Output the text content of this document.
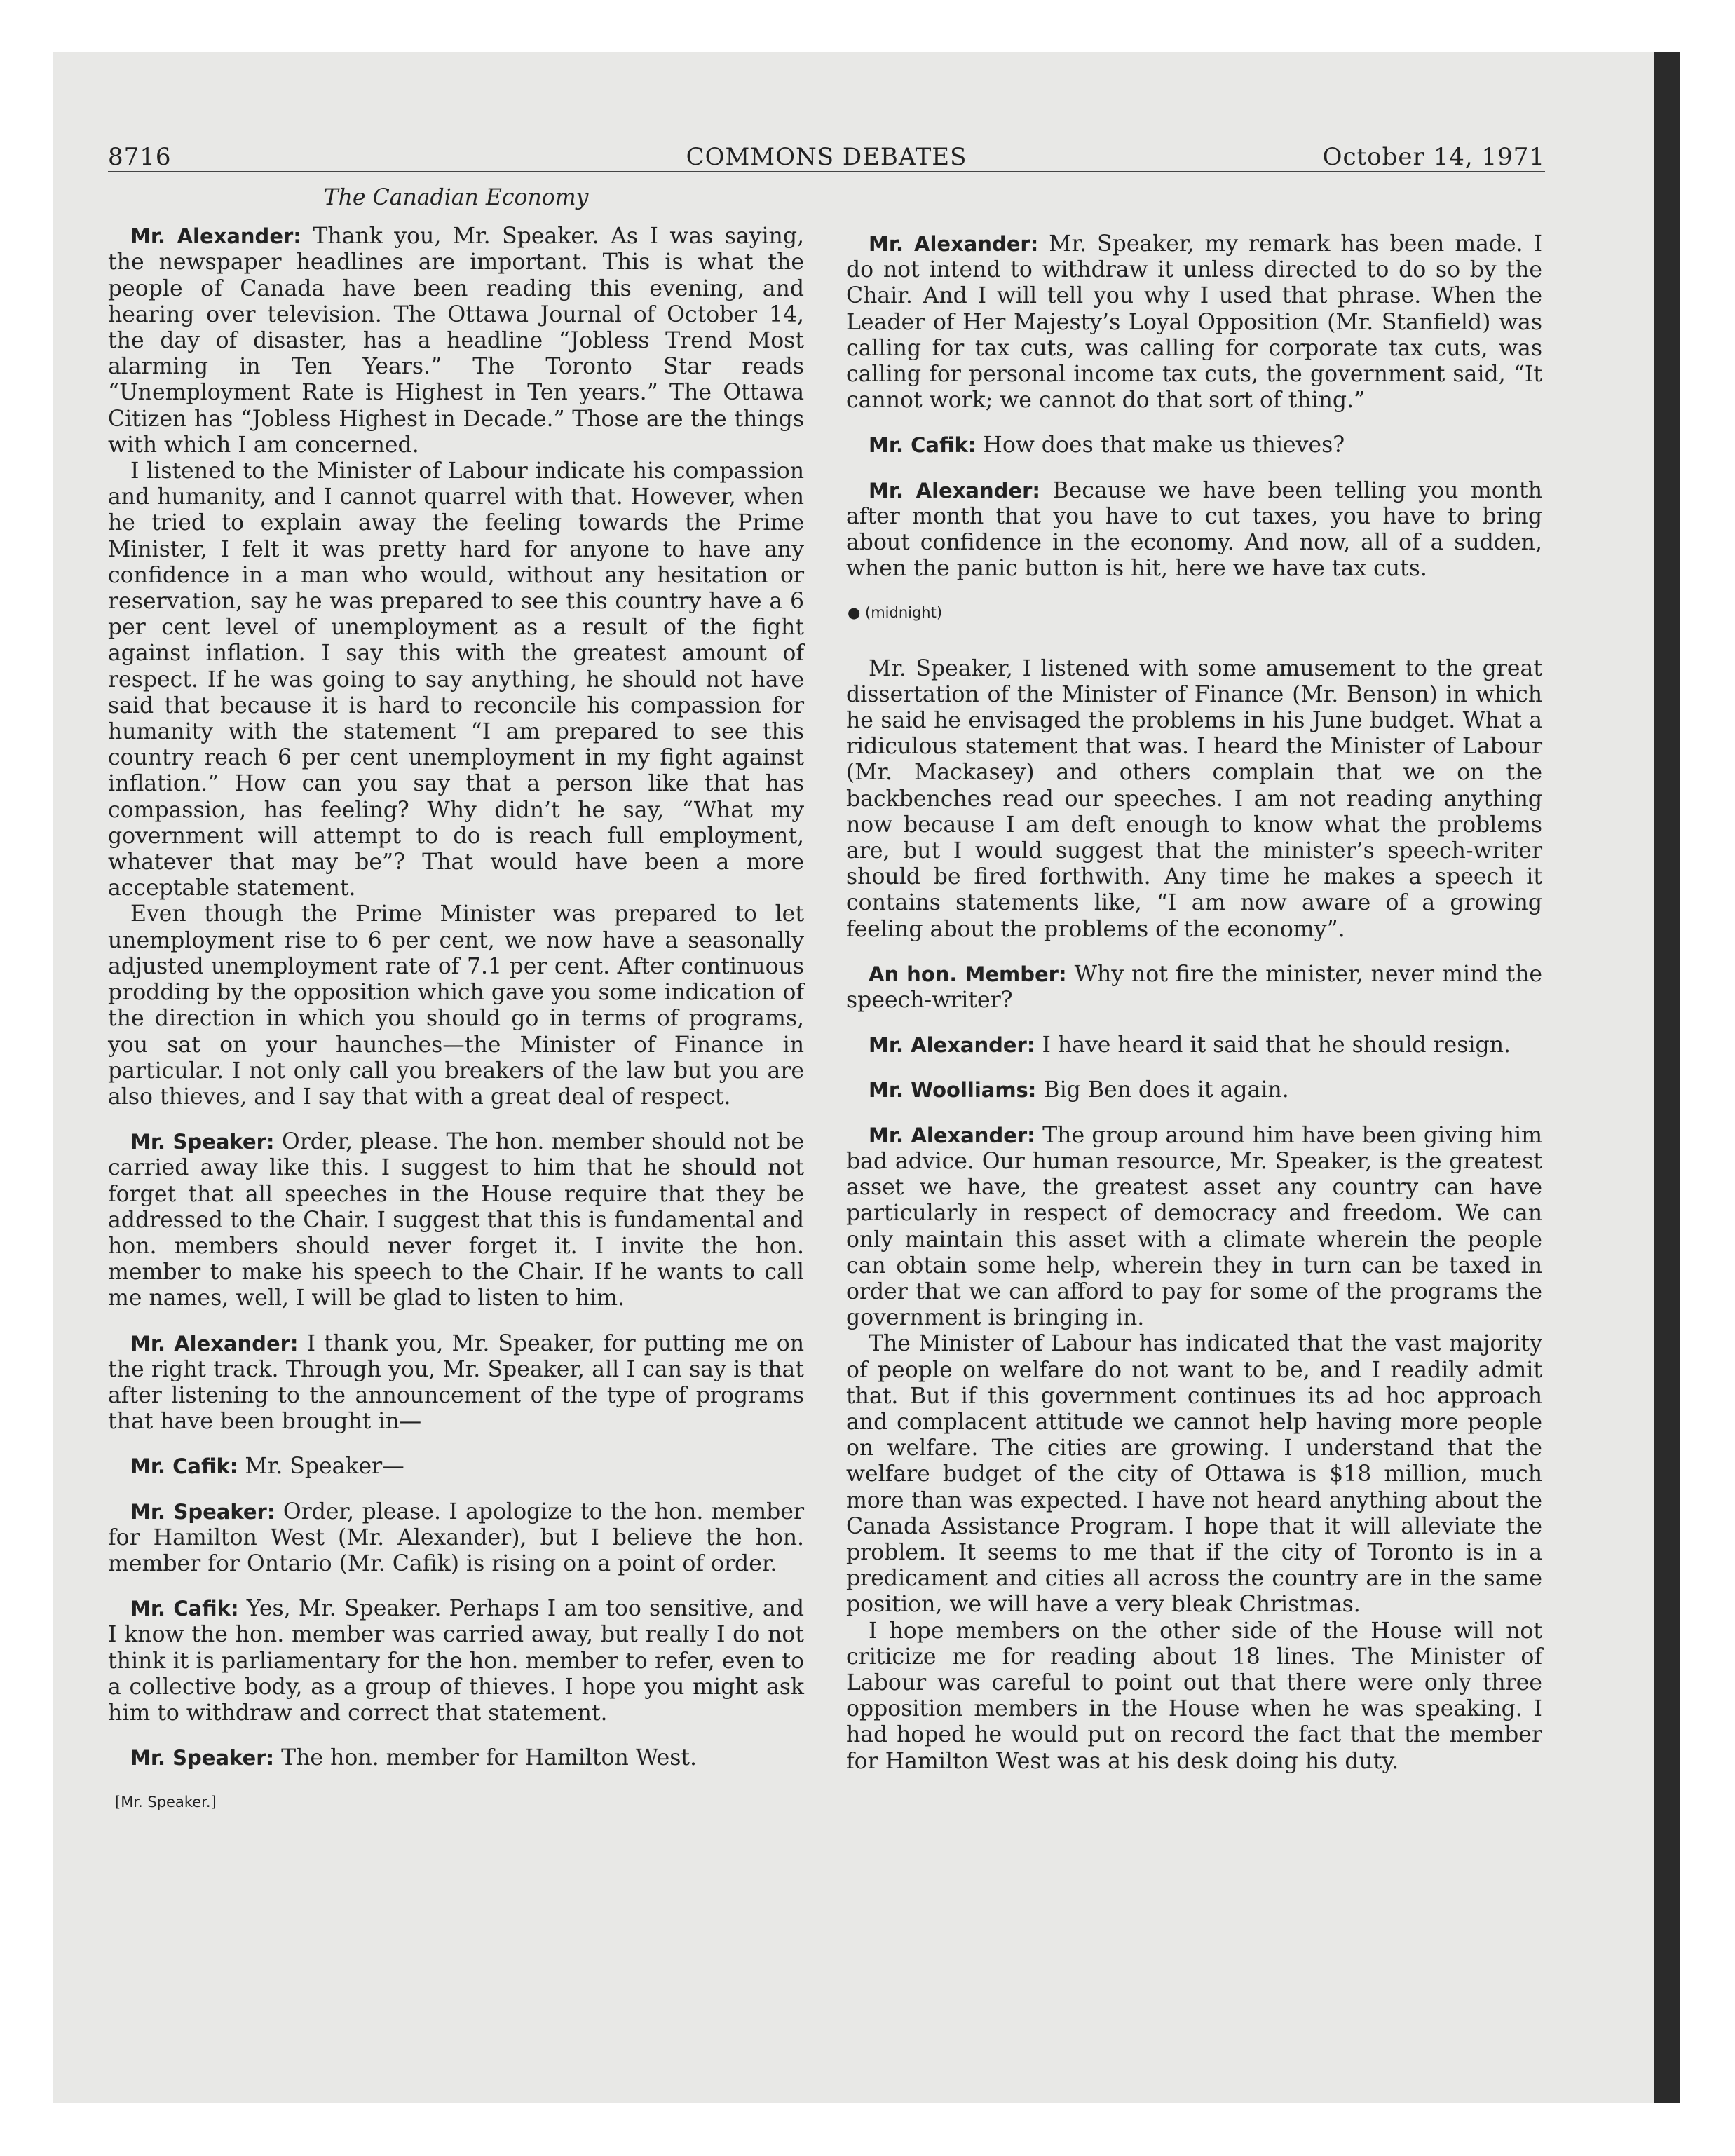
8716	COMMONS DEBATES	October 14, 1971
The Canadian Economy

Mr. Alexander: Thank you, Mr. Speaker. As I was saying, the newspaper headlines are important. This is what the people of Canada have been reading this evening, and hearing over television. The Ottawa Journal of October 14, the day of disaster, has a headline “Jobless Trend Most alarming in Ten Years.” The Toronto Star reads “Unemployment Rate is Highest in Ten years.” The Ottawa Citizen has “Jobless Highest in Decade.” Those are the things with which I am concerned.

I listened to the Minister of Labour indicate his compassion and humanity, and I cannot quarrel with that. However, when he tried to explain away the feeling towards the Prime Minister, I felt it was pretty hard for anyone to have any confidence in a man who would, without any hesitation or reservation, say he was prepared to see this country have a 6 per cent level of unemployment as a result of the fight against inflation. I say this with the greatest amount of respect. If he was going to say anything, he should not have said that because it is hard to reconcile his compassion for humanity with the statement “I am prepared to see this country reach 6 per cent unemployment in my fight against inflation.” How can you say that a person like that has compassion, has feeling? Why didn’t he say, “What my government will attempt to do is reach full employment, whatever that may be”? That would have been a more acceptable statement.

Even though the Prime Minister was prepared to let unemployment rise to 6 per cent, we now have a seasonally adjusted unemployment rate of 7.1 per cent. After continuous prodding by the opposition which gave you some indication of the direction in which you should go in terms of programs, you sat on your haunches—the Minister of Finance in particular. I not only call you breakers of the law but you are also thieves, and I say that with a great deal of respect.

Mr. Speaker: Order, please. The hon. member should not be carried away like this. I suggest to him that he should not forget that all speeches in the House require that they be addressed to the Chair. I suggest that this is fundamental and hon. members should never forget it. I invite the hon. member to make his speech to the Chair. If he wants to call me names, well, I will be glad to listen to him.

Mr. Alexander: I thank you, Mr. Speaker, for putting me on the right track. Through you, Mr. Speaker, all I can say is that after listening to the announcement of the type of programs that have been brought in—

Mr. Cafik: Mr. Speaker—

Mr. Speaker: Order, please. I apologize to the hon. member for Hamilton West (Mr. Alexander), but I believe the hon. member for Ontario (Mr. Cafik) is rising on a point of order.

Mr. Cafik: Yes, Mr. Speaker. Perhaps I am too sensitive, and I know the hon. member was carried away, but really I do not think it is parliamentary for the hon. member to refer, even to a collective body, as a group of thieves. I hope you might ask him to withdraw and correct that statement.

Mr. Speaker: The hon. member for Hamilton West.

[Mr. Speaker.]

Mr. Alexander: Mr. Speaker, my remark has been made. I do not intend to withdraw it unless directed to do so by the Chair. And I will tell you why I used that phrase. When the Leader of Her Majesty’s Loyal Opposition (Mr. Stanfield) was calling for tax cuts, was calling for corporate tax cuts, was calling for personal income tax cuts, the government said, “It cannot work; we cannot do that sort of thing.”

Mr. Cafik: How does that make us thieves?

Mr. Alexander: Because we have been telling you month after month that you have to cut taxes, you have to bring about confidence in the economy. And now, all of a sudden, when the panic button is hit, here we have tax cuts.

● (midnight)

Mr. Speaker, I listened with some amusement to the great dissertation of the Minister of Finance (Mr. Benson) in which he said he envisaged the problems in his June budget. What a ridiculous statement that was. I heard the Minister of Labour (Mr. Mackasey) and others complain that we on the backbenches read our speeches. I am not reading anything now because I am deft enough to know what the problems are, but I would suggest that the minister’s speech-writer should be fired forthwith. Any time he makes a speech it contains statements like, “I am now aware of a growing feeling about the problems of the economy”.

An hon. Member: Why not fire the minister, never mind the speech-writer?

Mr. Alexander: I have heard it said that he should resign.

Mr. Woolliams: Big Ben does it again.

Mr. Alexander: The group around him have been giving him bad advice. Our human resource, Mr. Speaker, is the greatest asset we have, the greatest asset any country can have particularly in respect of democracy and freedom. We can only maintain this asset with a climate wherein the people can obtain some help, wherein they in turn can be taxed in order that we can afford to pay for some of the programs the government is bringing in.

The Minister of Labour has indicated that the vast majority of people on welfare do not want to be, and I readily admit that. But if this government continues its ad hoc approach and complacent attitude we cannot help having more people on welfare. The cities are growing. I understand that the welfare budget of the city of Ottawa is $18 million, much more than was expected. I have not heard anything about the Canada Assistance Program. I hope that it will alleviate the problem. It seems to me that if the city of Toronto is in a predicament and cities all across the country are in the same position, we will have a very bleak Christmas.

I hope members on the other side of the House will not criticize me for reading about 18 lines. The Minister of Labour was careful to point out that there were only three opposition members in the House when he was speaking. I had hoped he would put on record the fact that the member for Hamilton West was at his desk doing his duty.
